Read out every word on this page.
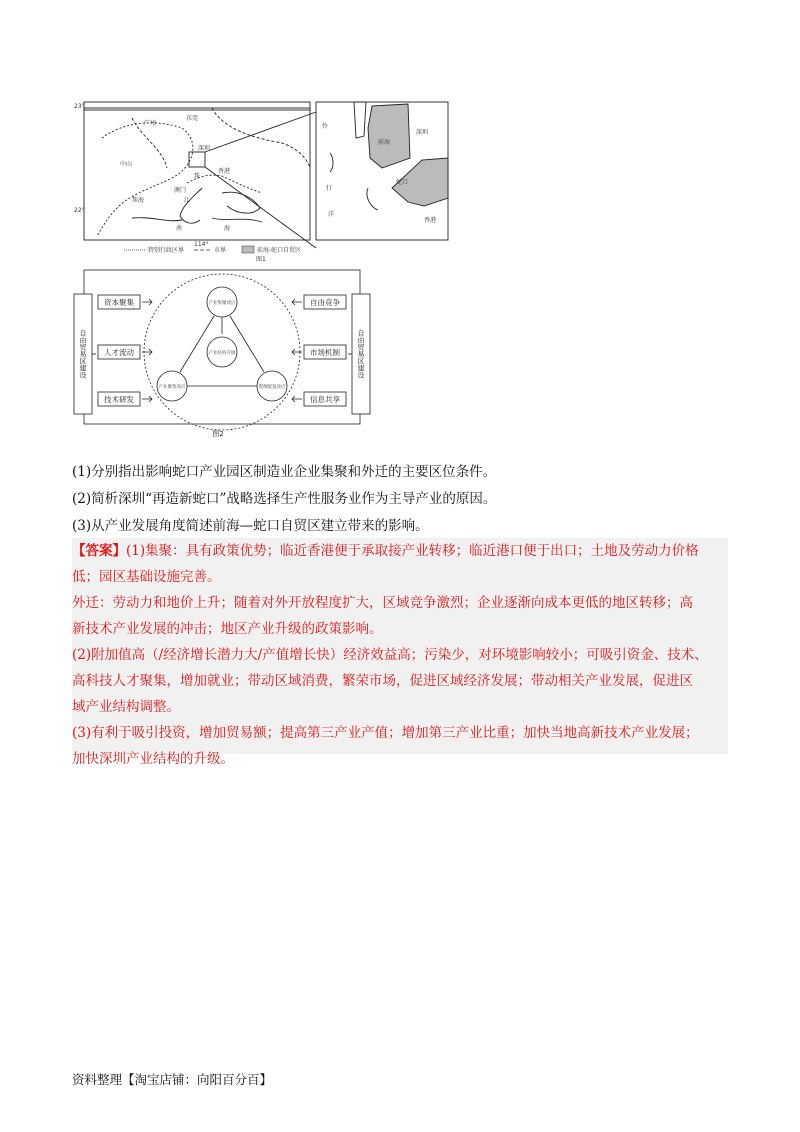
23°
22°
114°
广州
东莞
深圳
中山
香港
澳门
珠海
南	海
江
珠
伶
仃
洋
深圳
前海
蛇口
香港
特别行政区界	市界	前海-蛇口自贸区
图1
资本聚集
人才流动
技术研发
自由竞争
市场机制
信息共享
产业集聚效应
产业结构升级
产业聚集效应	资源配置效应
自由贸易区建设	自由贸易区建设
图2
(1)分别指出影响蛇口产业园区制造业企业集聚和外迁的主要区位条件。
(2)简析深圳“再造新蛇口”战略选择生产性服务业作为主导产业的原因。
(3)从产业发展角度简述前海—蛇口自贸区建立带来的影响。

【答案】(1)集聚：具有政策优势；临近香港便于承取接产业转移；临近港口便于出口；土地及劳动力价格

低；园区基础设施完善。

外迁：劳动力和地价上升；随着对外开放程度扩大，区域竞争激烈；企业逐渐向成本更低的地区转移；高

新技术产业发展的冲击；地区产业升级的政策影响。

(2)附加值高（/经济增长潜力大/产值增长快）经济效益高；污染少，对环境影响较小；可吸引资金、技术、

高科技人才聚集，增加就业；带动区域消费，繁荣市场，促进区域经济发展；带动相关产业发展，促进区

域产业结构调整。

(3)有利于吸引投资，增加贸易额；提高第三产业产值；增加第三产业比重；加快当地高新技术产业发展；

加快深圳产业结构的升级。

资料整理【淘宝店铺：向阳百分百】
